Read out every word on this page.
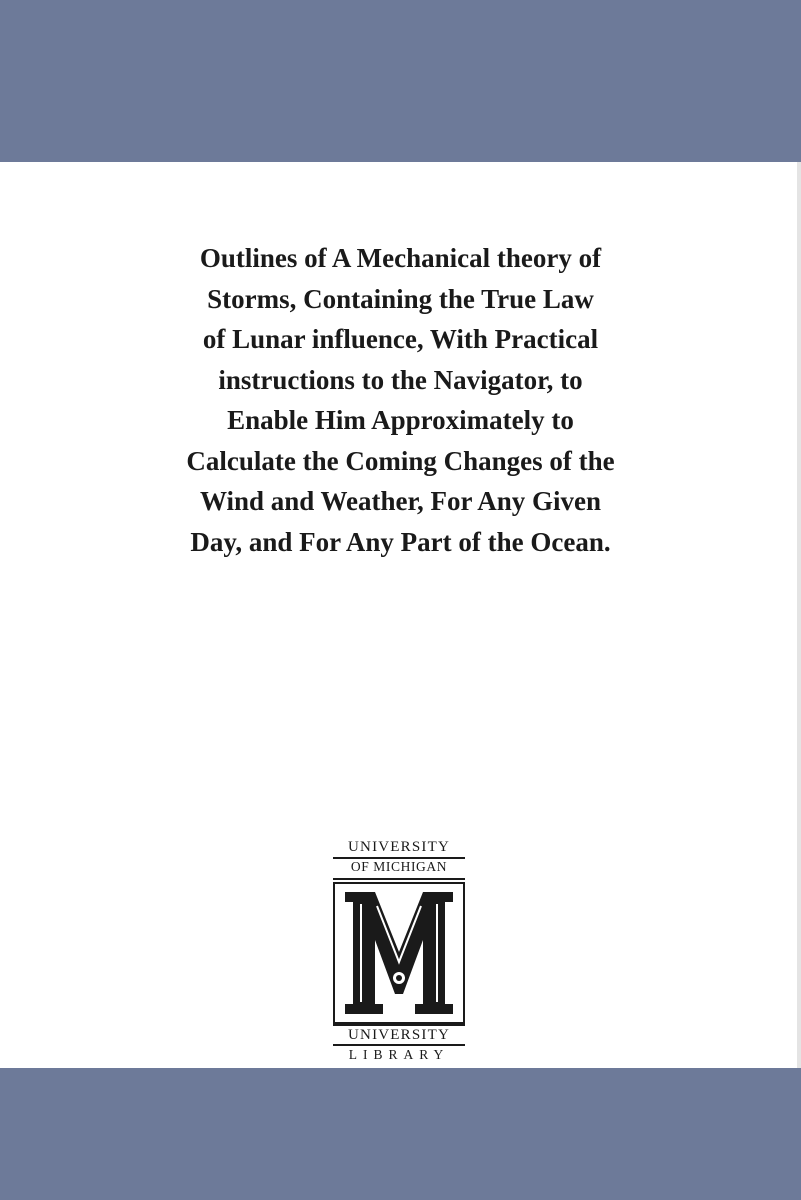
Outlines of A Mechanical theory of
Storms, Containing the True Law
of Lunar influence, With Practical
instructions to the Navigator, to
Enable Him Approximately to
Calculate the Coming Changes of the
Wind and Weather, For Any Given
Day, and For Any Part of the Ocean.
UNIVERSITY
OF MICHIGAN
UNIVERSITY
LIBRARY
